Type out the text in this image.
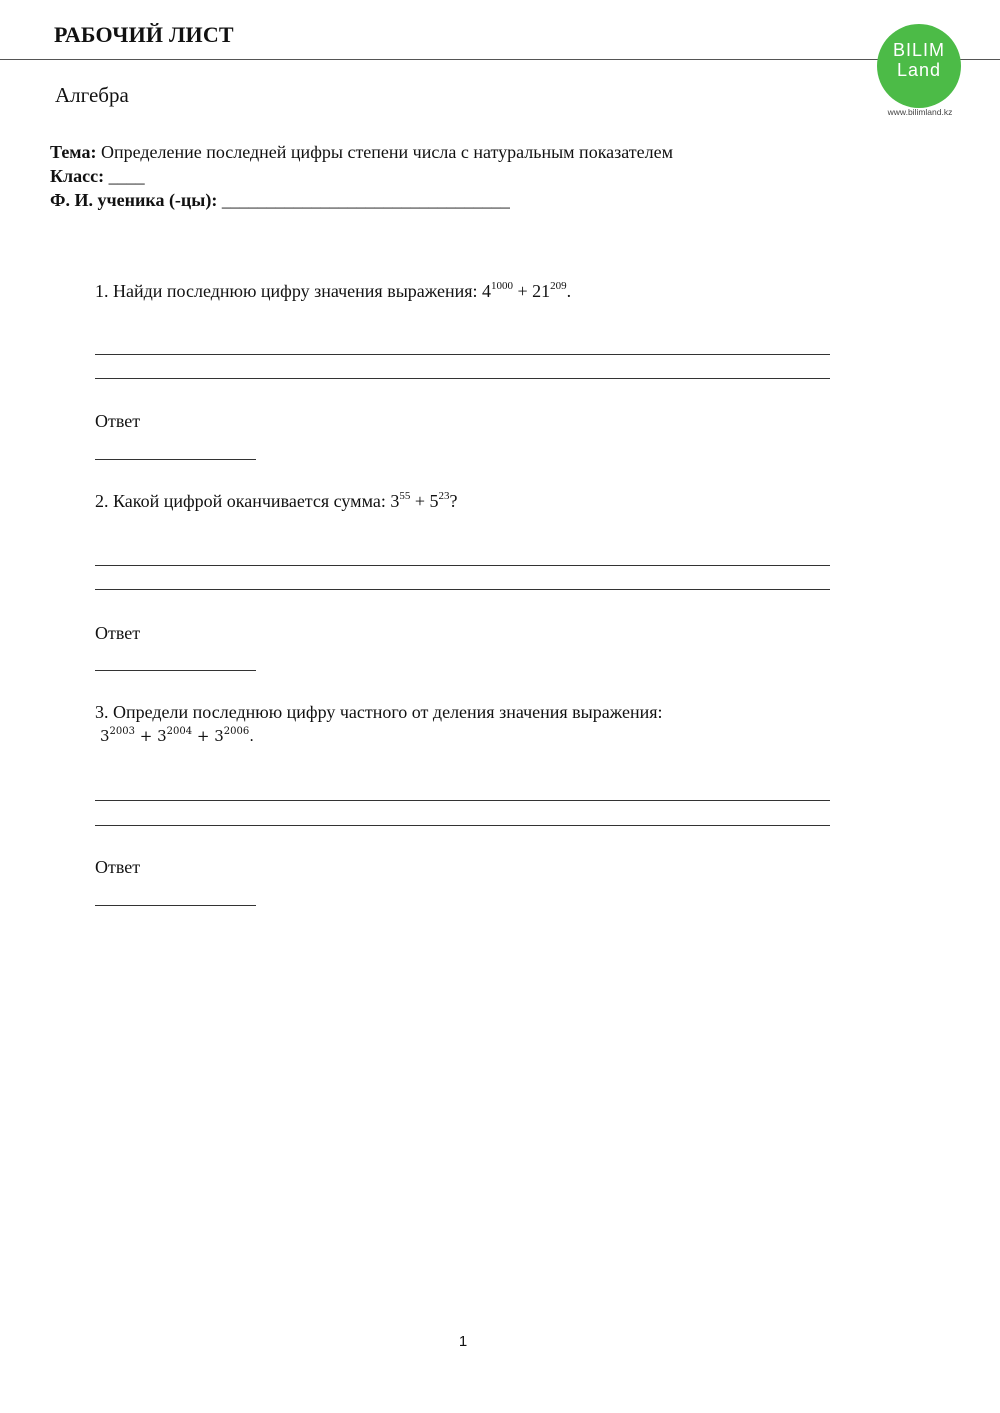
РАБОЧИЙ ЛИСТ
Алгебра
BILIM
Land
www.bilimland.kz
Тема: Определение последней цифры степени числа с натуральным показателем
Класс: ____
Ф. И. ученика (-цы): ________________________________
1. Найди последнюю цифру значения выражения: $4^{1000} + 21^{209}$.
Ответ
2. Какой цифрой оканчивается сумма: $3^{55} + 5^{23}$?
Ответ
3. Определи последнюю цифру частного от деления значения выражения:
$3^{2003} + 3^{2004} + 3^{2006}$.
Ответ
1
